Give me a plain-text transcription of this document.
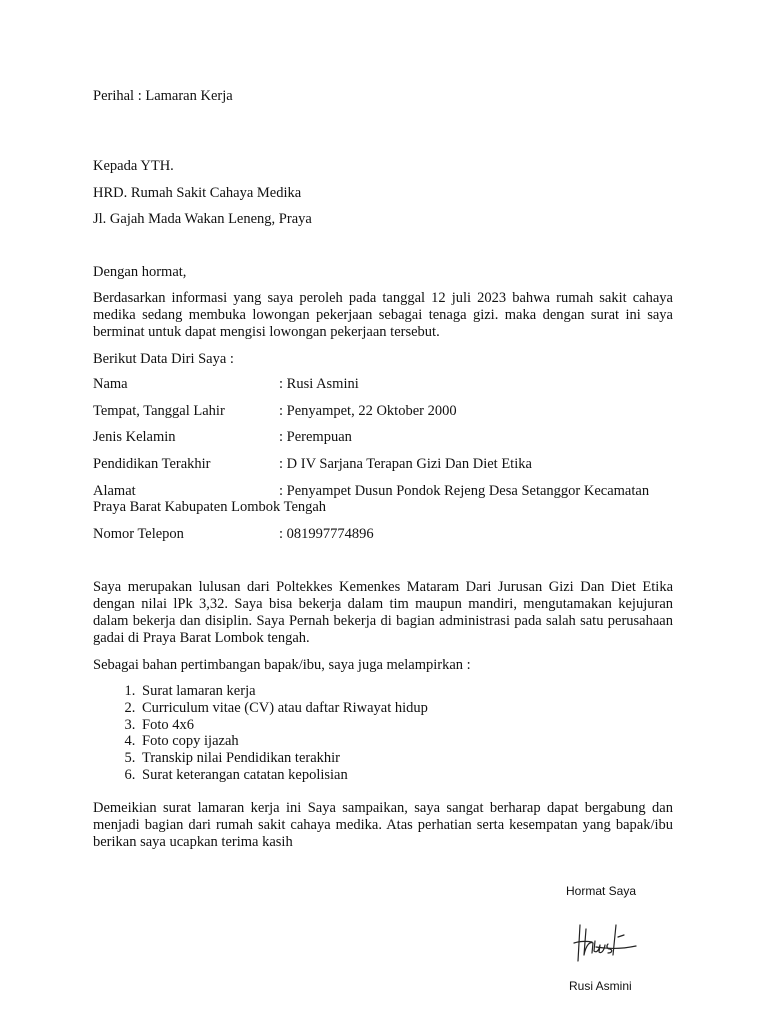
Perihal : Lamaran Kerja
Kepada YTH.
HRD. Rumah Sakit Cahaya Medika
Jl. Gajah Mada Wakan Leneng, Praya
Dengan hormat,
Berdasarkan informasi yang saya peroleh pada tanggal 12 juli 2023 bahwa rumah sakit cahaya medika sedang membuka lowongan pekerjaan sebagai tenaga gizi. maka dengan surat ini saya berminat untuk dapat mengisi lowongan pekerjaan tersebut.
Berikut Data Diri Saya :
Nama	: Rusi Asmini
Tempat, Tanggal Lahir	: Penyampet, 22 Oktober 2000
Jenis Kelamin	: Perempuan
Pendidikan Terakhir	: D IV Sarjana Terapan Gizi Dan Diet Etika
Alamat	: Penyampet Dusun Pondok Rejeng Desa Setanggor Kecamatan
Praya Barat Kabupaten Lombok Tengah
Nomor Telepon	: 081997774896
Saya merupakan lulusan dari Poltekkes Kemenkes Mataram Dari Jurusan Gizi Dan Diet Etika dengan nilai lPk 3,32. Saya bisa bekerja dalam tim maupun mandiri, mengutamakan kejujuran dalam bekerja dan disiplin. Saya Pernah bekerja di bagian administrasi pada salah satu perusahaan gadai di Praya Barat Lombok tengah.
Sebagai bahan pertimbangan bapak/ibu, saya juga melampirkan :
1. Surat lamaran kerja
2. Curriculum vitae (CV) atau daftar Riwayat hidup
3. Foto 4x6
4. Foto copy ijazah
5. Transkip nilai Pendidikan terakhir
6. Surat keterangan catatan kepolisian
Demeikian surat lamaran kerja ini Saya sampaikan, saya sangat berharap dapat bergabung dan menjadi bagian dari rumah sakit cahaya medika. Atas perhatian serta kesempatan yang bapak/ibu berikan saya ucapkan terima kasih
Hormat Saya
Rusi Asmini
